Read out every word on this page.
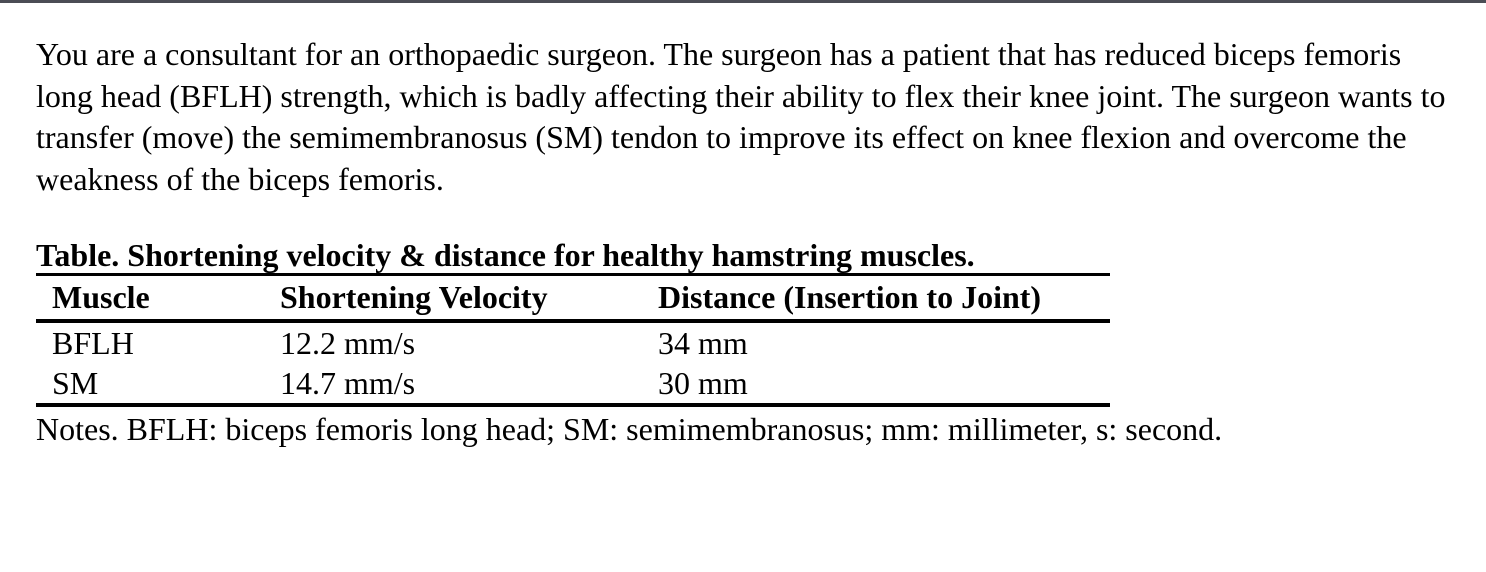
You are a consultant for an orthopaedic surgeon. The surgeon has a patient that has reduced biceps femoris long head (BFLH) strength, which is badly affecting their ability to flex their knee joint. The surgeon wants to transfer (move) the semimembranosus (SM) tendon to improve its effect on knee flexion and overcome the weakness of the biceps femoris.

Table. Shortening velocity & distance for healthy hamstring muscles.
Muscle	Shortening Velocity	Distance (Insertion to Joint)
BFLH	12.2 mm/s	34 mm
SM	14.7 mm/s	30 mm
Notes. BFLH: biceps femoris long head; SM: semimembranosus; mm: millimeter, s: second.
